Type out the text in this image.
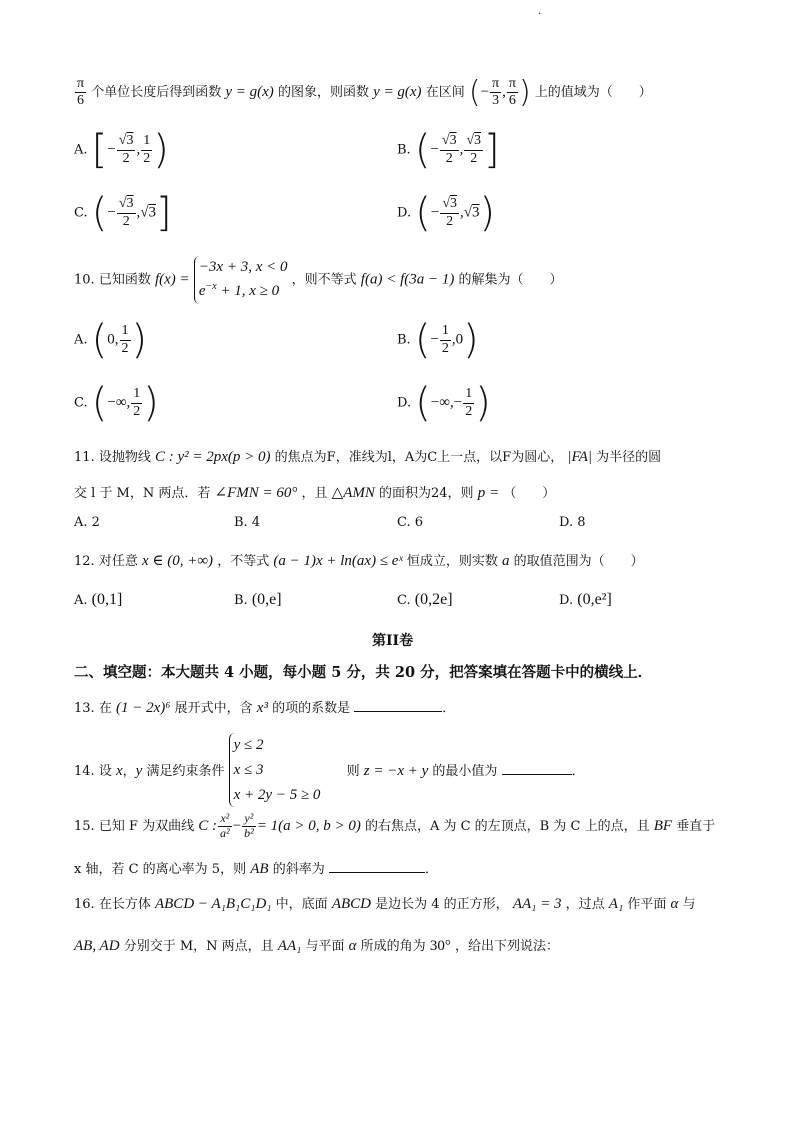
.
$\frac{\pi}{6}$ 个单位长度后得到函数 y = g(x) 的图象，则函数 y = g(x) 在区间 (− $\frac{\pi}{3}$ , $\frac{\pi}{6}$ ) 上的值域为（　　）
A. [− $\frac{√3}{2}$ , $\frac{1}{2}$ )	B. (− $\frac{√3}{2}$ , $\frac{√3}{2}$ ]
C. (− $\frac{√3}{2} ,√3$]	D. (− $\frac{√3}{2} ,√3$)
10. 已知函数 f(x) =
−3x + 3, x < 0
$e^{-x} + 1$, x ≥ 0
，则不等式 f(a) < f(3a − 1) 的解集为（　　）
A. (0, $\frac{1}{2}$ )	B. (− $\frac{1}{2} ,0$)
C. (−∞, $\frac{1}{2}$ )	D. (−∞,− $\frac{1}{2}$ )
11. 设抛物线 C : y² = 2px(p > 0) 的焦点为F，准线为l，A为C上一点，以F为圆心， |FA| 为半径的圆
交 l 于 M，N 两点．若 ∠FMN = 60° ，且 △AMN 的面积为24，则 p = （　　）
A. 2	B. 4	C. 6	D. 8
12. 对任意 x ∈ (0, +∞) ，不等式 (a − 1)x + ln(ax) ≤ eˣ 恒成立，则实数 a 的取值范围为（　　）
A. (0,1]	B. (0,e]	C. (0,2e]	D. (0,e²]
第II卷
二、填空题：本大题共 4 小题，每小题 5 分，共 20 分，把答案填在答题卡中的横线上．
13. 在 (1 − 2x)⁶ 展开式中，含 x³ 的项的系数是	．
14. 设 x，y 满足约束条件
y ≤ 2
x ≤ 3
x + 2y − 5 ≥ 0
则 z = −x + y 的最小值为	．
15. 已知 F 为双曲线 C : $\frac{\text{x²}}{\text{a²}} - \frac{\text{y²}}{\text{b²}} = 1(a > 0$, b > 0) 的右焦点，A 为 C 的左顶点，B 为 C 上的点，且 BF 垂直于
x 轴，若 C 的离心率为 5，则 AB 的斜率为	．
16. 在长方体 ABCD − A₁B₁C₁D₁ 中，底面 ABCD 是边长为 4 的正方形， AA₁ = 3 ，过点 A₁ 作平面 α 与
AB, AD 分别交于 M，N 两点，且 AA₁ 与平面 α 所成的角为 30° ，给出下列说法：
